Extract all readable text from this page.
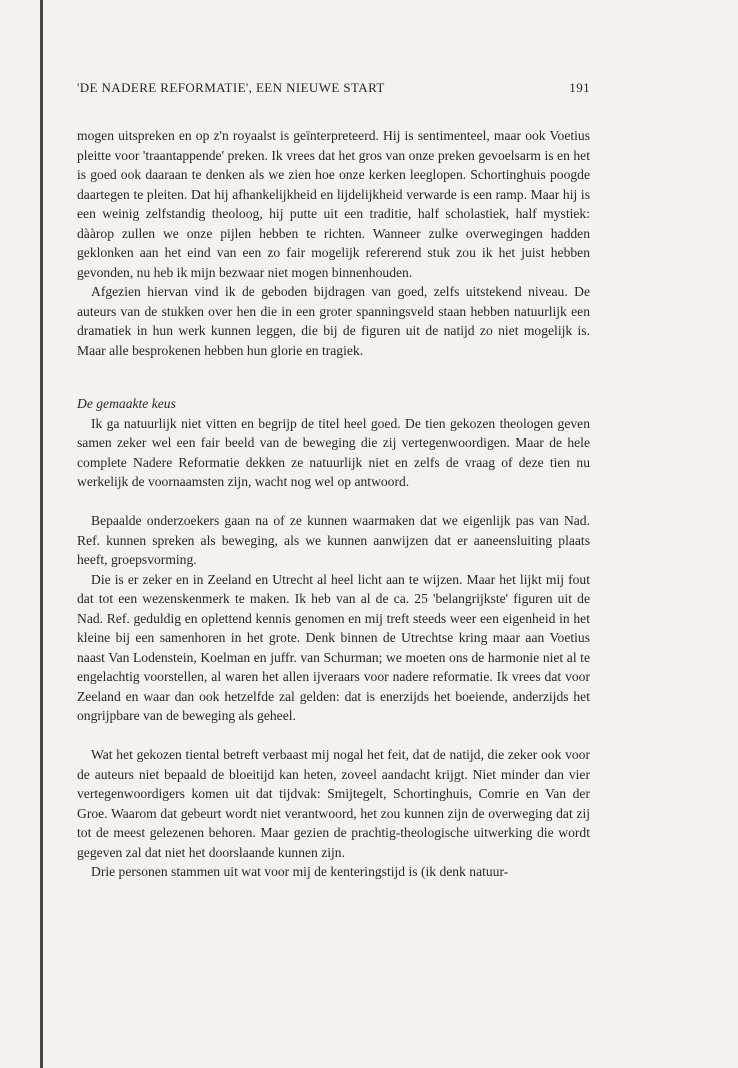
'DE NADERE REFORMATIE', EEN NIEUWE START	191

mogen uitspreken en op z'n royaalst is geïnterpreteerd. Hij is sentimenteel, maar ook Voetius pleitte voor 'traantappende' preken. Ik vrees dat het gros van onze preken gevoelsarm is en het is goed ook daaraan te denken als we zien hoe onze kerken leeglopen. Schortinghuis poogde daartegen te pleiten. Dat hij afhankelijkheid en lijdelijkheid verwarde is een ramp. Maar hij is een weinig zelfstandig theoloog, hij putte uit een traditie, half scholastiek, half mystiek: dààrop zullen we onze pijlen hebben te richten. Wanneer zulke overwegingen hadden geklonken aan het eind van een zo fair mogelijk refererend stuk zou ik het juist hebben gevonden, nu heb ik mijn bezwaar niet mogen binnenhouden.

Afgezien hiervan vind ik de geboden bijdragen van goed, zelfs uitstekend niveau. De auteurs van de stukken over hen die in een groter spanningsveld staan hebben natuurlijk een dramatiek in hun werk kunnen leggen, die bij de figuren uit de natijd zo niet mogelijk is. Maar alle besprokenen hebben hun glorie en tragiek.

De gemaakte keus

Ik ga natuurlijk niet vitten en begrijp de titel heel goed. De tien gekozen theologen geven samen zeker wel een fair beeld van de beweging die zij vertegenwoordigen. Maar de hele complete Nadere Reformatie dekken ze natuurlijk niet en zelfs de vraag of deze tien nu werkelijk de voornaamsten zijn, wacht nog wel op antwoord.

Bepaalde onderzoekers gaan na of ze kunnen waarmaken dat we eigenlijk pas van Nad. Ref. kunnen spreken als beweging, als we kunnen aanwijzen dat er aaneensluiting plaats heeft, groepsvorming.

Die is er zeker en in Zeeland en Utrecht al heel licht aan te wijzen. Maar het lijkt mij fout dat tot een wezenskenmerk te maken. Ik heb van al de ca. 25 'belangrijkste' figuren uit de Nad. Ref. geduldig en oplettend kennis genomen en mij treft steeds weer een eigenheid in het kleine bij een samenhoren in het grote. Denk binnen de Utrechtse kring maar aan Voetius naast Van Lodenstein, Koelman en juffr. van Schurman; we moeten ons de harmonie niet al te engelachtig voorstellen, al waren het allen ijveraars voor nadere reformatie. Ik vrees dat voor Zeeland en waar dan ook hetzelfde zal gelden: dat is enerzijds het boeiende, anderzijds het ongrijpbare van de beweging als geheel.

Wat het gekozen tiental betreft verbaast mij nogal het feit, dat de natijd, die zeker ook voor de auteurs niet bepaald de bloeitijd kan heten, zoveel aandacht krijgt. Niet minder dan vier vertegenwoordigers komen uit dat tijdvak: Smijtegelt, Schortinghuis, Comrie en Van der Groe. Waarom dat gebeurt wordt niet verantwoord, het zou kunnen zijn de overweging dat zij tot de meest gelezenen behoren. Maar gezien de prachtig-theologische uitwerking die wordt gegeven zal dat niet het doorslaande kunnen zijn.

Drie personen stammen uit wat voor mij de kenteringstijd is (ik denk natuur-
